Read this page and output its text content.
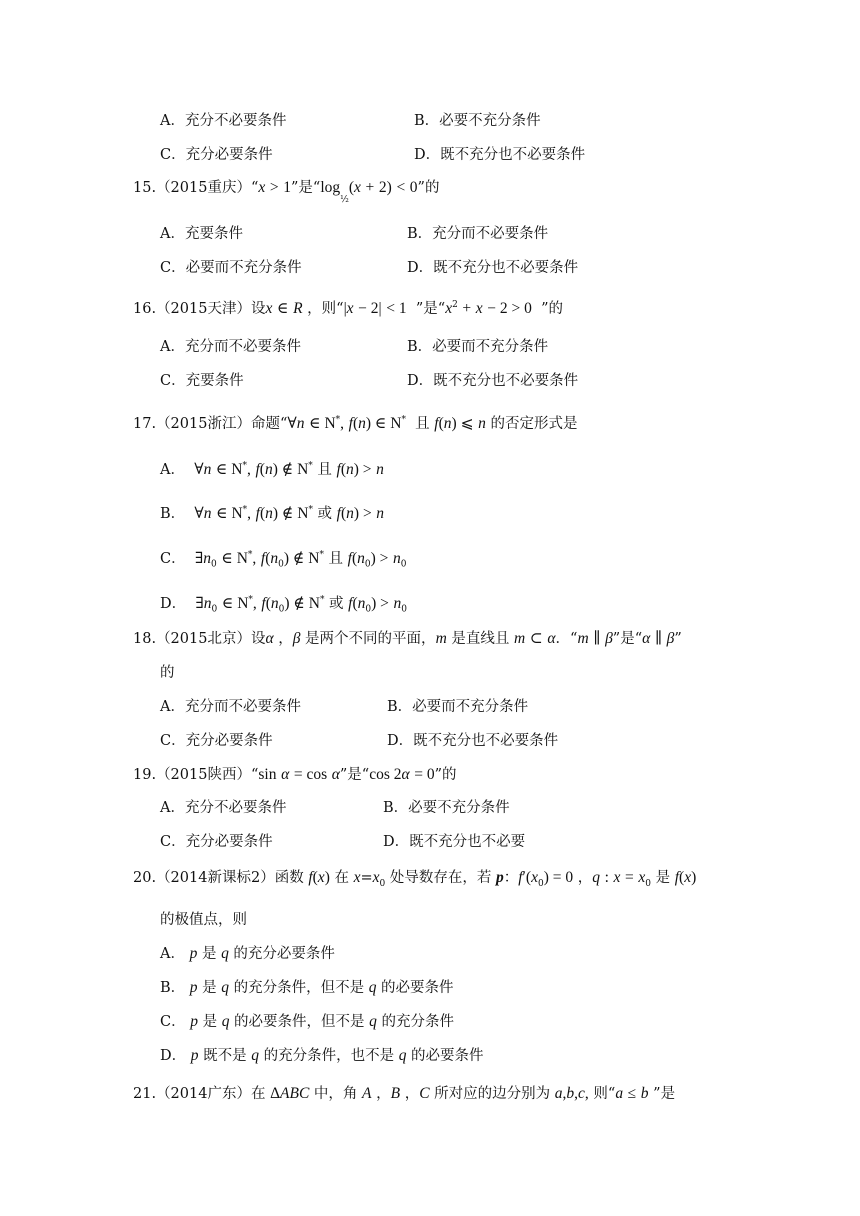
A．充分不必要条件	B．必要不充分条件
C．充分必要条件	D．既不充分也不必要条件
15.（2015重庆）“x > 1”是“$\log_{\frac{1}{2}}(x + 2) < 0$”的
A．充要条件	B．充分而不必要条件
C．必要而不充分条件	D．既不充分也不必要条件
16.（2015天津）设x ∈ R ，则“|x − 2| < 1  ”是“$x^2 + x - 2 > 0$  ”的
A．充分而不必要条件	B．必要而不充分条件
C．充要条件	D．既不充分也不必要条件
17.（2015浙江）命题“∀n ∈ N*, f(n) ∈ N*  且 f(n) ⩽ n 的否定形式是
A．  ∀n ∈ N*, f(n) ∉ N* 且 f(n) > n
B．  ∀n ∈ N*, f(n) ∉ N* 或 f(n) > n
C．  $\exists n_0$ ∈ N*, $f(n_0)$ ∉ N* 且 $f(n_0) > n_0$
D．  $\exists n_0$ ∈ N*, $f(n_0)$ ∉ N* 或 $f(n_0) > n_0$
18.（2015北京）设α ，β 是两个不同的平面，m 是直线且 m ⊂ α．“m ∥ β”是“α ∥ β”
的
A．充分而不必要条件	B．必要而不充分条件
C．充分必要条件	D．既不充分也不必要条件
19.（2015陕西）“sin α = cos α”是“cos 2α = 0”的
A．充分不必要条件	B．必要不充分条件
C．充分必要条件	D．既不充分也不必要
20.（2014新课标2）函数 f(x) 在 $x=x_0$ 处导数存在，若 p：$f'(x_0) = 0$ ，q : $x = x_0$ 是 f(x)
的极值点，则
A． p 是 q 的充分必要条件
B． p 是 q 的充分条件，但不是 q 的必要条件
C． p 是 q 的必要条件，但不是 q 的充分条件
D． p 既不是 q 的充分条件，也不是 q 的必要条件
21.（2014广东）在 ΔABC 中，角 A ，B ，C 所对应的边分别为 a,b,c, 则“a ≤ b ”是
